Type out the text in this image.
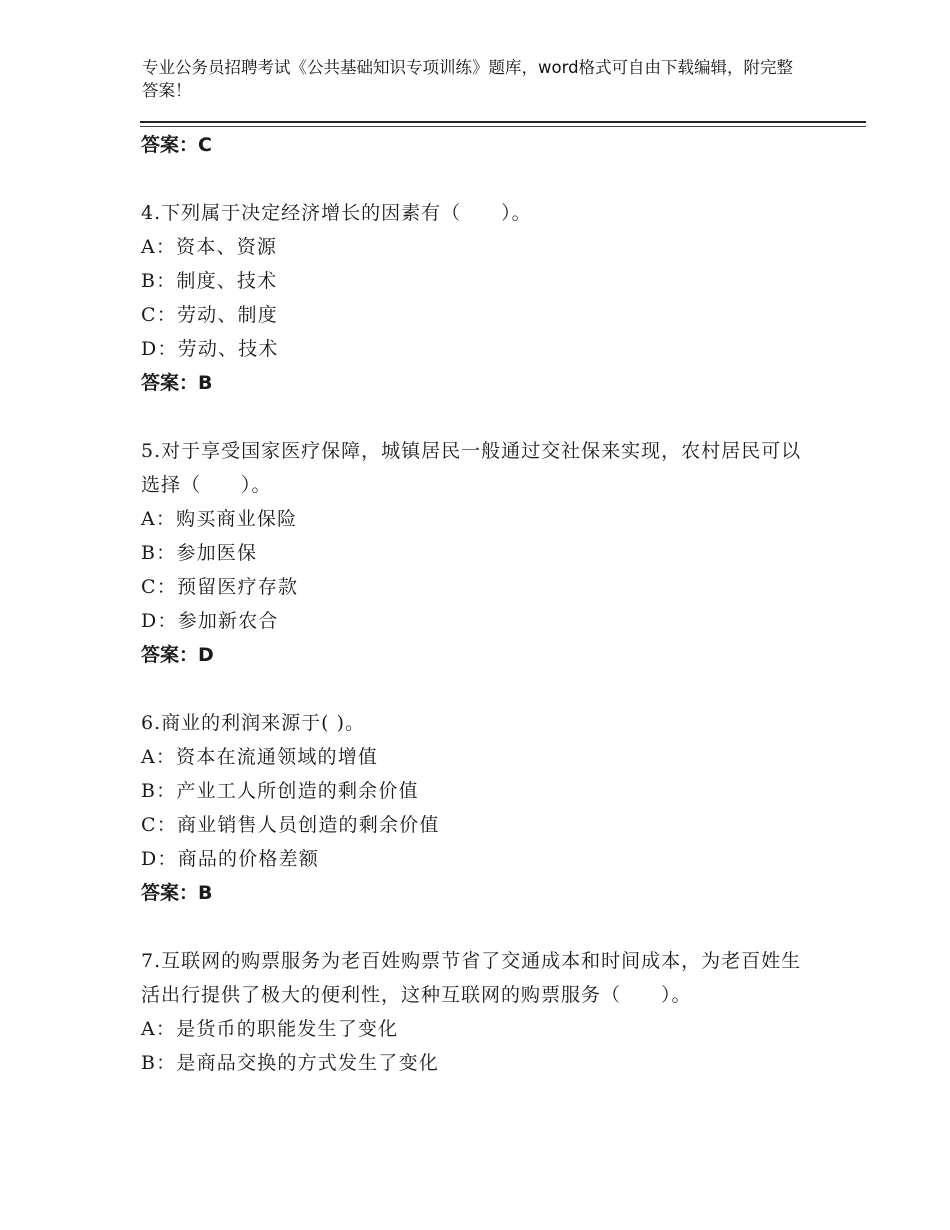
专业公务员招聘考试《公共基础知识专项训练》题库，word格式可自由下载编辑，附完整答案！
答案：C
4.下列属于决定经济增长的因素有（　　）。
A：资本、资源
B：制度、技术
C：劳动、制度
D：劳动、技术
答案：B
5.对于享受国家医疗保障，城镇居民一般通过交社保来实现，农村居民可以选择（　　）。
A：购买商业保险
B：参加医保
C：预留医疗存款
D：参加新农合
答案：D
6.商业的利润来源于( )。
A：资本在流通领域的增值
B：产业工人所创造的剩余价值
C：商业销售人员创造的剩余价值
D：商品的价格差额
答案：B
7.互联网的购票服务为老百姓购票节省了交通成本和时间成本，为老百姓生活出行提供了极大的便利性，这种互联网的购票服务（　　）。
A：是货币的职能发生了变化
B：是商品交换的方式发生了变化
